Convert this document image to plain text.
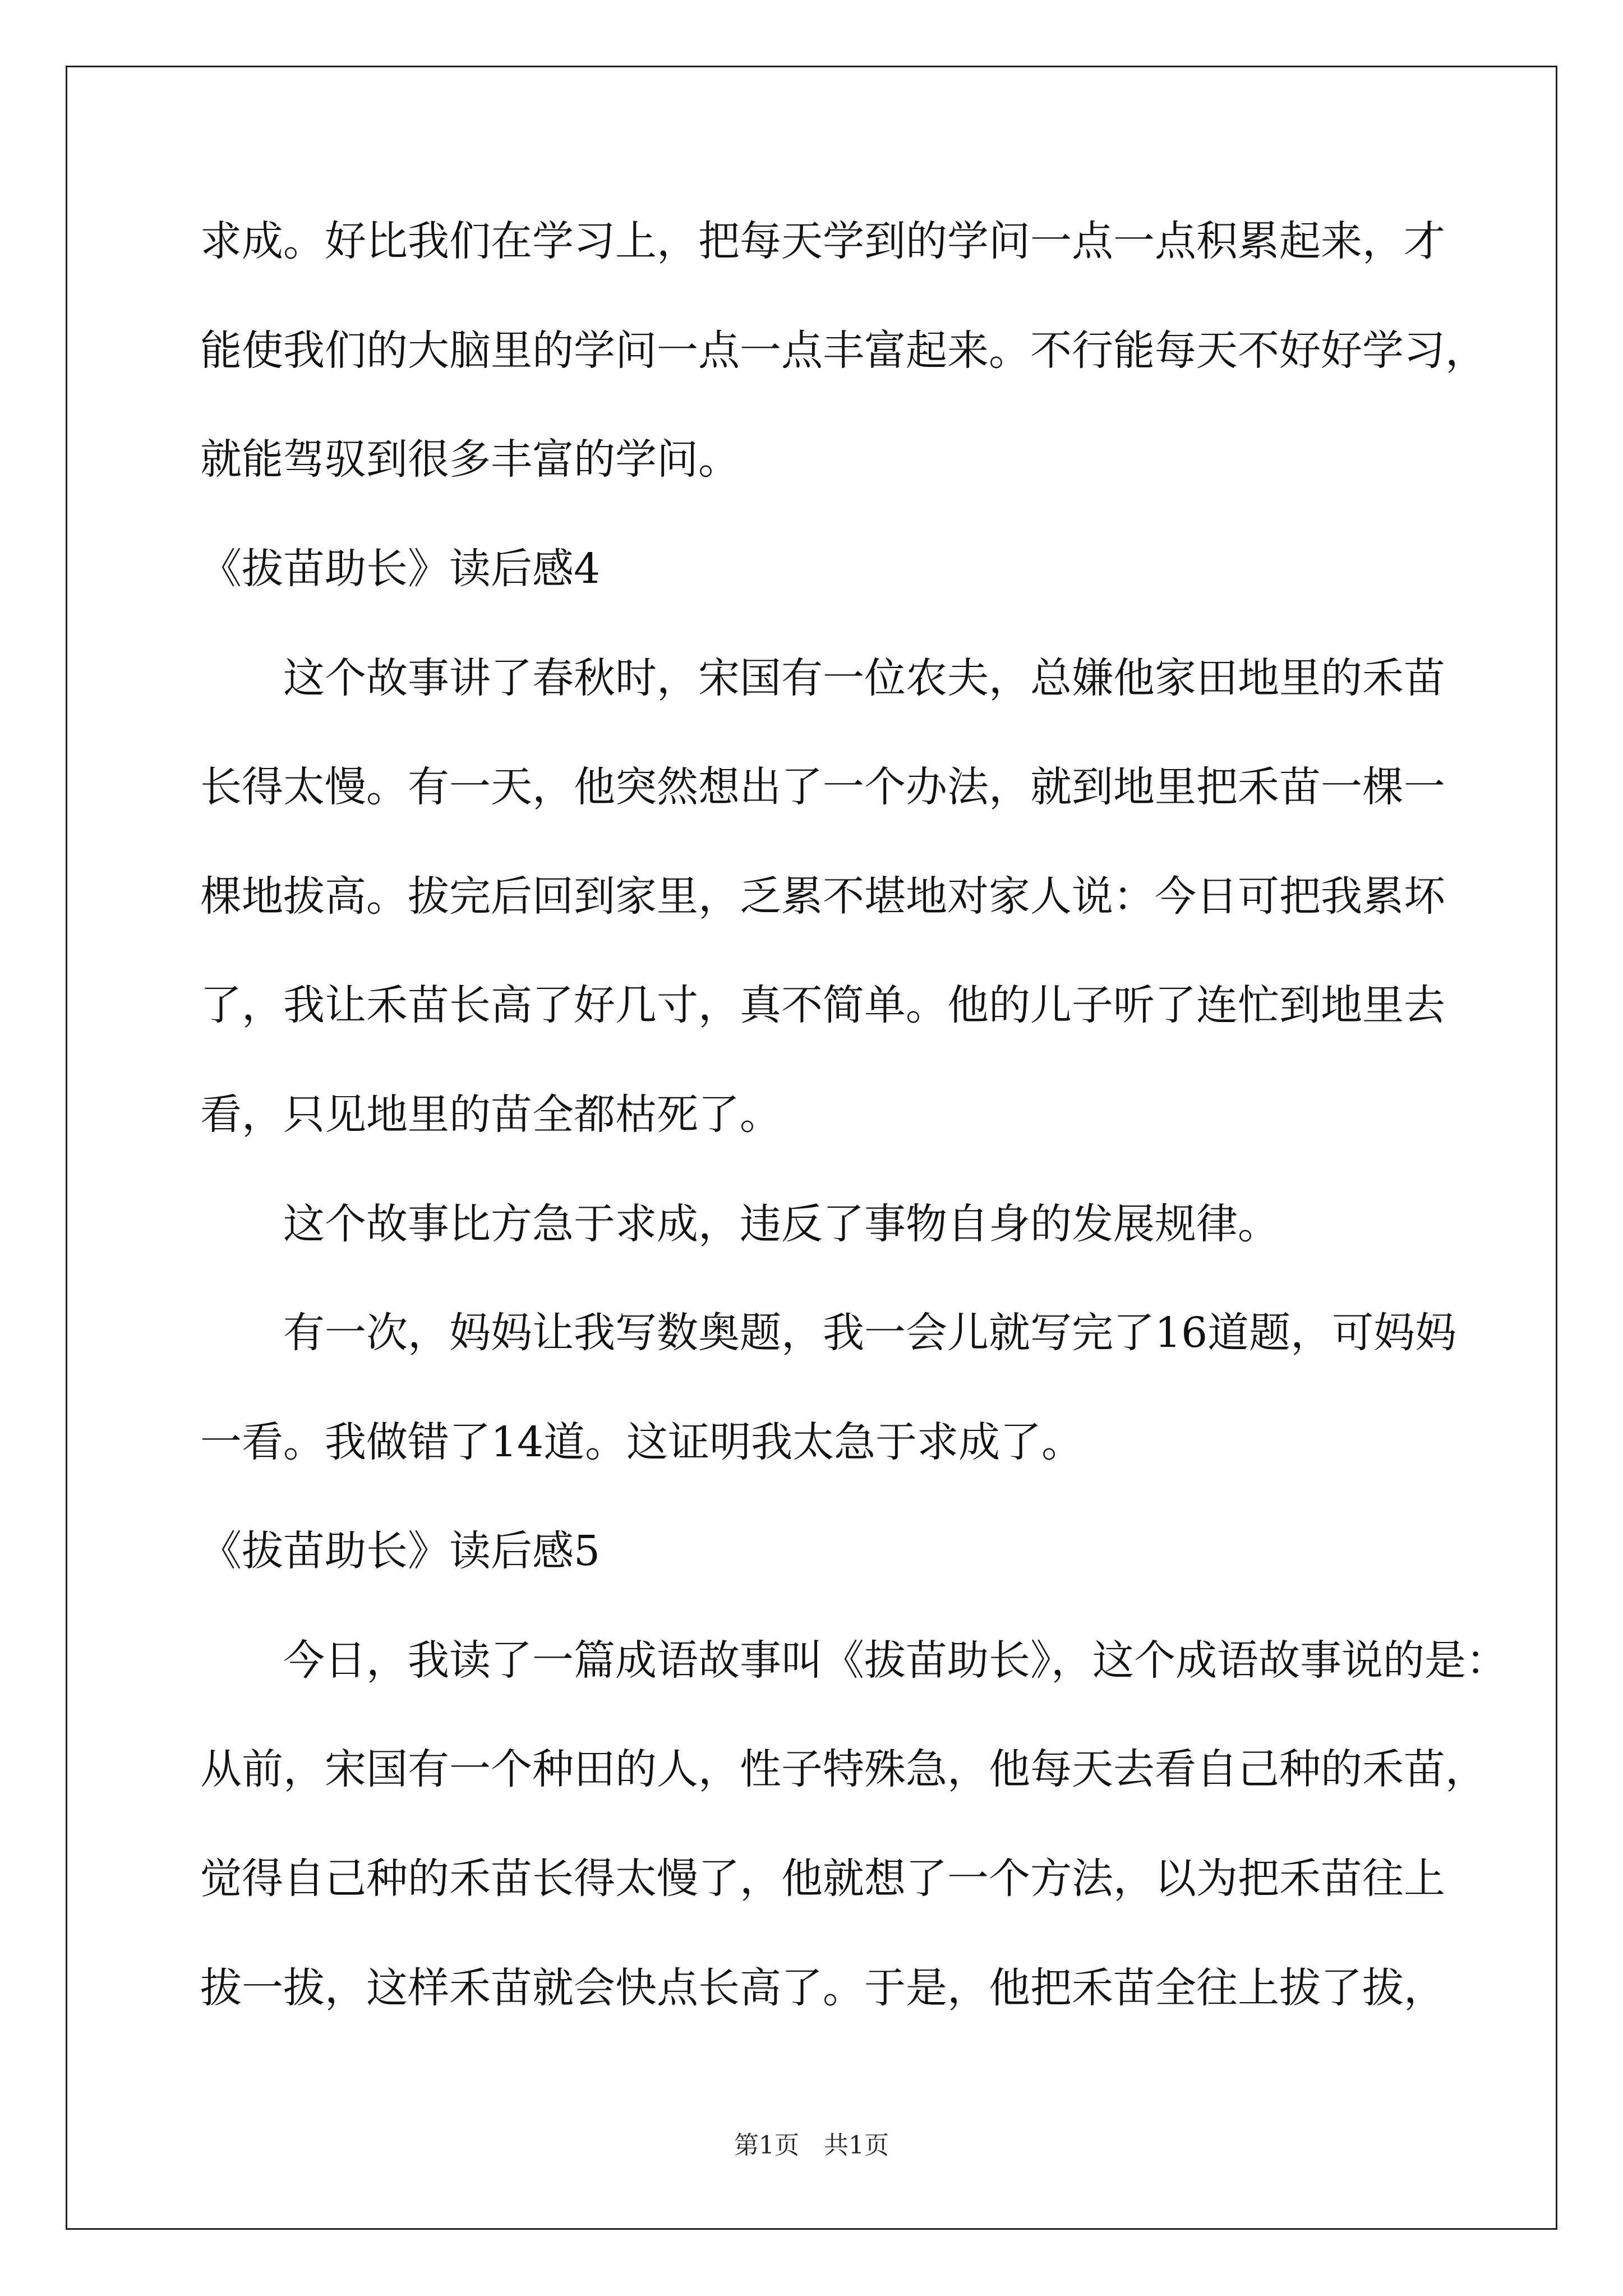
求成。好比我们在学习上，把每天学到的学问一点一点积累起来，才
能使我们的大脑里的学问一点一点丰富起来。不行能每天不好好学习，
就能驾驭到很多丰富的学问。
《拔苗助长》读后感4
这个故事讲了春秋时，宋国有一位农夫，总嫌他家田地里的禾苗
长得太慢。有一天，他突然想出了一个办法，就到地里把禾苗一棵一
棵地拔高。拔完后回到家里，乏累不堪地对家人说：今日可把我累坏
了，我让禾苗长高了好几寸，真不简单。他的儿子听了连忙到地里去
看，只见地里的苗全都枯死了。
这个故事比方急于求成，违反了事物自身的发展规律。
有一次，妈妈让我写数奥题，我一会儿就写完了16道题，可妈妈
一看。我做错了14道。这证明我太急于求成了。
《拔苗助长》读后感5
今日，我读了一篇成语故事叫《拔苗助长》，这个成语故事说的是：
从前，宋国有一个种田的人，性子特殊急，他每天去看自己种的禾苗，
觉得自己种的禾苗长得太慢了，他就想了一个方法，以为把禾苗往上
拔一拔，这样禾苗就会快点长高了。于是，他把禾苗全往上拔了拔，
第1页　共1页
